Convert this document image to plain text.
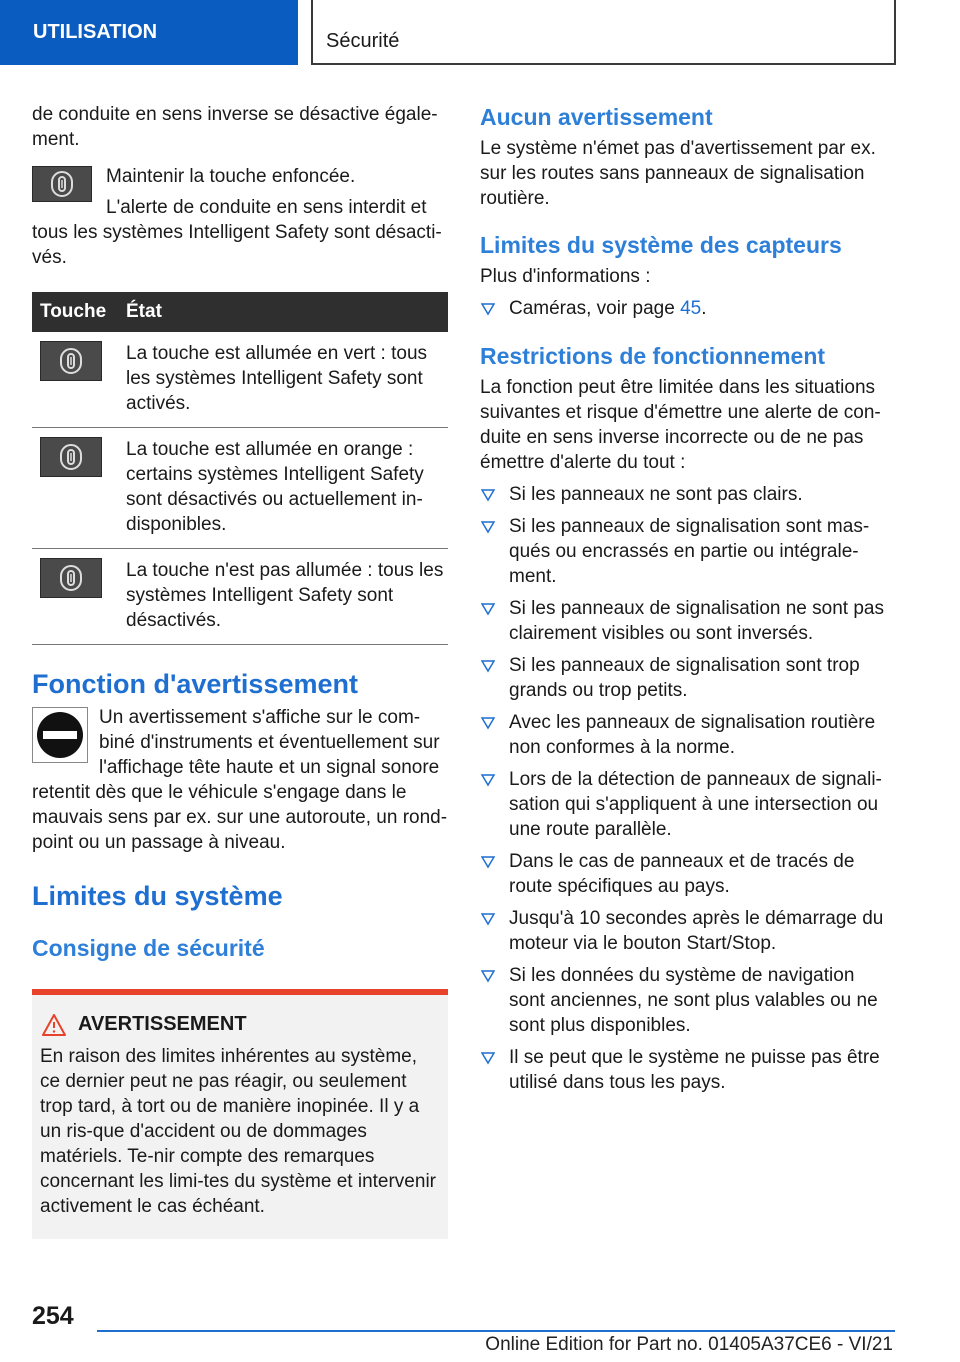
UTILISATION	Sécurité

de conduite en sens inverse se désactive égale-ment.

Maintenir la touche enfoncée.

L'alerte de conduite en sens interdit et tous les systèmes Intelligent Safety sont désacti-vés.

Touche	État
La touche est allumée en vert : tous les systèmes Intelligent Safety sont activés.
La touche est allumée en orange : certains systèmes Intelligent Safety sont désactivés ou actuellement in-disponibles.
La touche n'est pas allumée : tous les systèmes Intelligent Safety sont désactivés.
Fonction d'avertissement

Un avertissement s'affiche sur le com-biné d'instruments et éventuellement sur l'affichage tête haute et un signal sonore retentit dès que le véhicule s'engage dans le mauvais sens par ex. sur une autoroute, un rond-point ou un passage à niveau.

Limites du système
Consigne de sécurité
AVERTISSEMENT

En raison des limites inhérentes au système, ce dernier peut ne pas réagir, ou seulement trop tard, à tort ou de manière inopinée. Il y a un ris-que d'accident ou de dommages matériels. Te-nir compte des remarques concernant les limi-tes du système et intervenir activement le cas échéant.

Aucun avertissement

Le système n'émet pas d'avertissement par ex. sur les routes sans panneaux de signalisation routière.

Limites du système des capteurs

Plus d'informations :

Caméras, voir page 45.
Restrictions de fonctionnement

La fonction peut être limitée dans les situations suivantes et risque d'émettre une alerte de con-duite en sens inverse incorrecte ou de ne pas émettre d'alerte du tout :

Si les panneaux ne sont pas clairs.
Si les panneaux de signalisation sont mas-qués ou encrassés en partie ou intégrale-ment.
Si les panneaux de signalisation ne sont pas clairement visibles ou sont inversés.
Si les panneaux de signalisation sont trop grands ou trop petits.
Avec les panneaux de signalisation routière non conformes à la norme.
Lors de la détection de panneaux de signali-sation qui s'appliquent à une intersection ou une route parallèle.
Dans le cas de panneaux et de tracés de route spécifiques au pays.
Jusqu'à 10 secondes après le démarrage du moteur via le bouton Start/Stop.
Si les données du système de navigation sont anciennes, ne sont plus valables ou ne sont plus disponibles.
Il se peut que le système ne puisse pas être utilisé dans tous les pays.
254
Online Edition for Part no. 01405A37CE6 - VI/21
